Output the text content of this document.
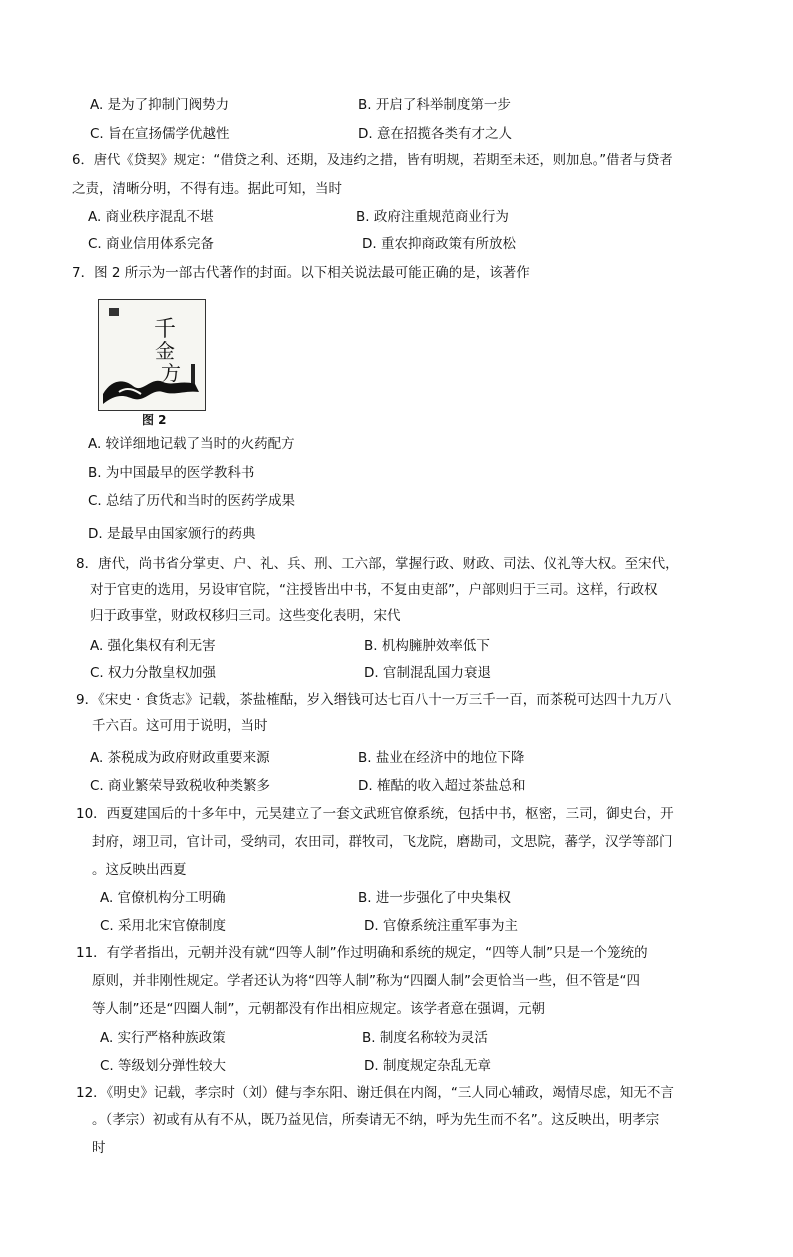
A. 是为了抑制门阀势力	B. 开启了科举制度第一步
C. 旨在宣扬儒学优越性	D. 意在招揽各类有才之人
6．唐代《贷契》规定：“借贷之利、还期，及违约之措，皆有明规，若期至未还，则加息。”借者与贷者
之责，清晰分明，不得有违。据此可知，当时
A. 商业秩序混乱不堪	B. 政府注重规范商业行为
C. 商业信用体系完备	D. 重农抑商政策有所放松
7．图 2 所示为一部古代著作的封面。以下相关说法最可能正确的是，该著作
千
金
方
图 2
A. 较详细地记载了当时的火药配方
B. 为中国最早的医学教科书
C. 总结了历代和当时的医药学成果
D. 是最早由国家颁行的药典
8．唐代，尚书省分掌吏、户、礼、兵、刑、工六部，掌握行政、财政、司法、仪礼等大权。至宋代，
对于官吏的选用，另设审官院，“注授皆出中书，不复由吏部”，户部则归于三司。这样，行政权
归于政事堂，财政权移归三司。这些变化表明，宋代
A. 强化集权有利无害	B. 机构臃肿效率低下
C. 权力分散皇权加强	D. 官制混乱国力衰退
9．《宋史 · 食货志》记载，茶盐榷酤，岁入缗钱可达七百八十一万三千一百，而茶税可达四十九万八
千六百。这可用于说明，当时
A. 茶税成为政府财政重要来源	B. 盐业在经济中的地位下降
C. 商业繁荣导致税收种类繁多	D. 榷酤的收入超过茶盐总和
10．西夏建国后的十多年中，元昊建立了一套文武班官僚系统，包括中书，枢密，三司，御史台，开
封府，翊卫司，官计司，受纳司，农田司，群牧司，飞龙院，磨勘司，文思院，蕃学，汉学等部门
。这反映出西夏
A. 官僚机构分工明确	B. 进一步强化了中央集权
C. 采用北宋官僚制度	D. 官僚系统注重军事为主
11．有学者指出，元朝并没有就“四等人制”作过明确和系统的规定，“四等人制”只是一个笼统的
原则，并非刚性规定。学者还认为将“四等人制”称为“四圈人制”会更恰当一些，但不管是“四
等人制”还是“四圈人制”，元朝都没有作出相应规定。该学者意在强调，元朝
A. 实行严格种族政策	B. 制度名称较为灵活
C. 等级划分弹性较大	D. 制度规定杂乱无章
12．《明史》记载，孝宗时（刘）健与李东阳、谢迁俱在内阁，“三人同心辅政，竭情尽虑，知无不言
。（孝宗）初或有从有不从，既乃益见信，所奏请无不纳，呼为先生而不名”。这反映出，明孝宗
时
